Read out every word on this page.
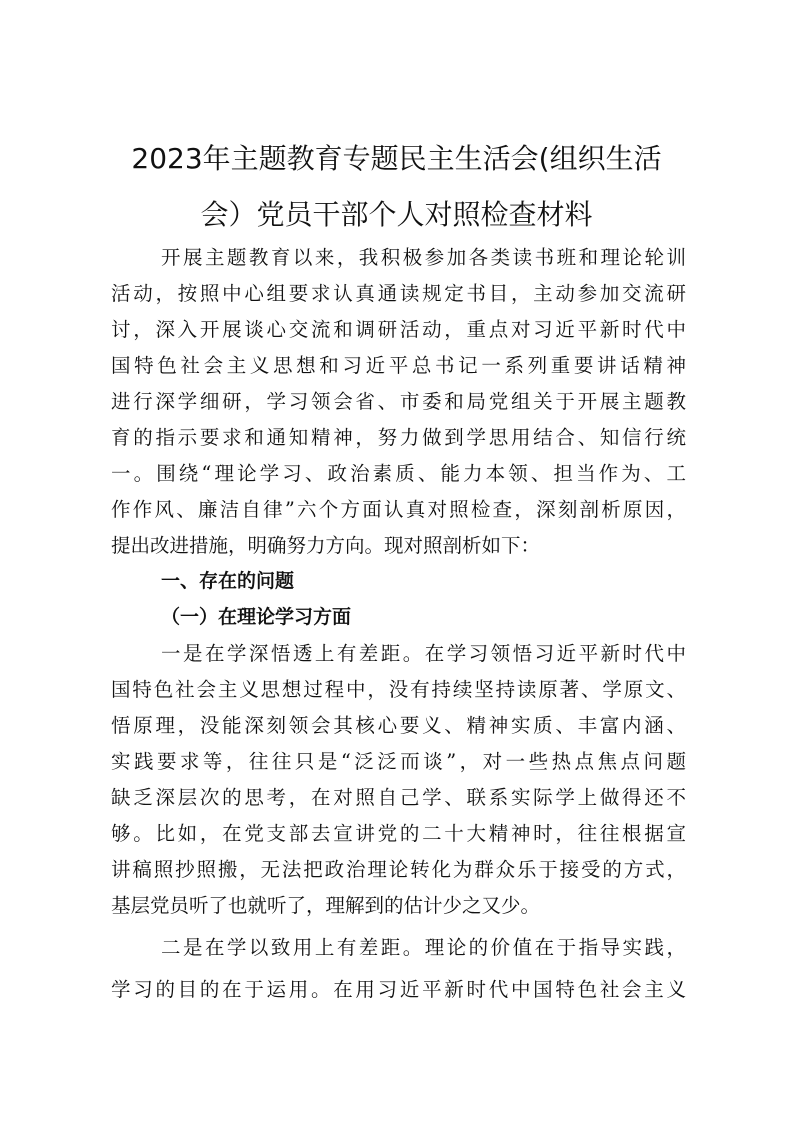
2023年主题教育专题民主生活会(组织生活
会）党员干部个人对照检查材料
开展主题教育以来，我积极参加各类读书班和理论轮训
活动，按照中心组要求认真通读规定书目，主动参加交流研
讨，深入开展谈心交流和调研活动，重点对习近平新时代中
国特色社会主义思想和习近平总书记一系列重要讲话精神
进行深学细研，学习领会省、市委和局党组关于开展主题教
育的指示要求和通知精神，努力做到学思用结合、知信行统
一。围绕“理论学习、政治素质、能力本领、担当作为、工
作作风、廉洁自律”六个方面认真对照检查，深刻剖析原因，
提出改进措施，明确努力方向。现对照剖析如下：
一、存在的问题
（一）在理论学习方面
一是在学深悟透上有差距。在学习领悟习近平新时代中
国特色社会主义思想过程中，没有持续坚持读原著、学原文、
悟原理，没能深刻领会其核心要义、精神实质、丰富内涵、
实践要求等，往往只是“泛泛而谈”，对一些热点焦点问题
缺乏深层次的思考，在对照自己学、联系实际学上做得还不
够。比如，在党支部去宣讲党的二十大精神时，往往根据宣
讲稿照抄照搬，无法把政治理论转化为群众乐于接受的方式，
基层党员听了也就听了，理解到的估计少之又少。
二是在学以致用上有差距。理论的价值在于指导实践，
学习的目的在于运用。在用习近平新时代中国特色社会主义
